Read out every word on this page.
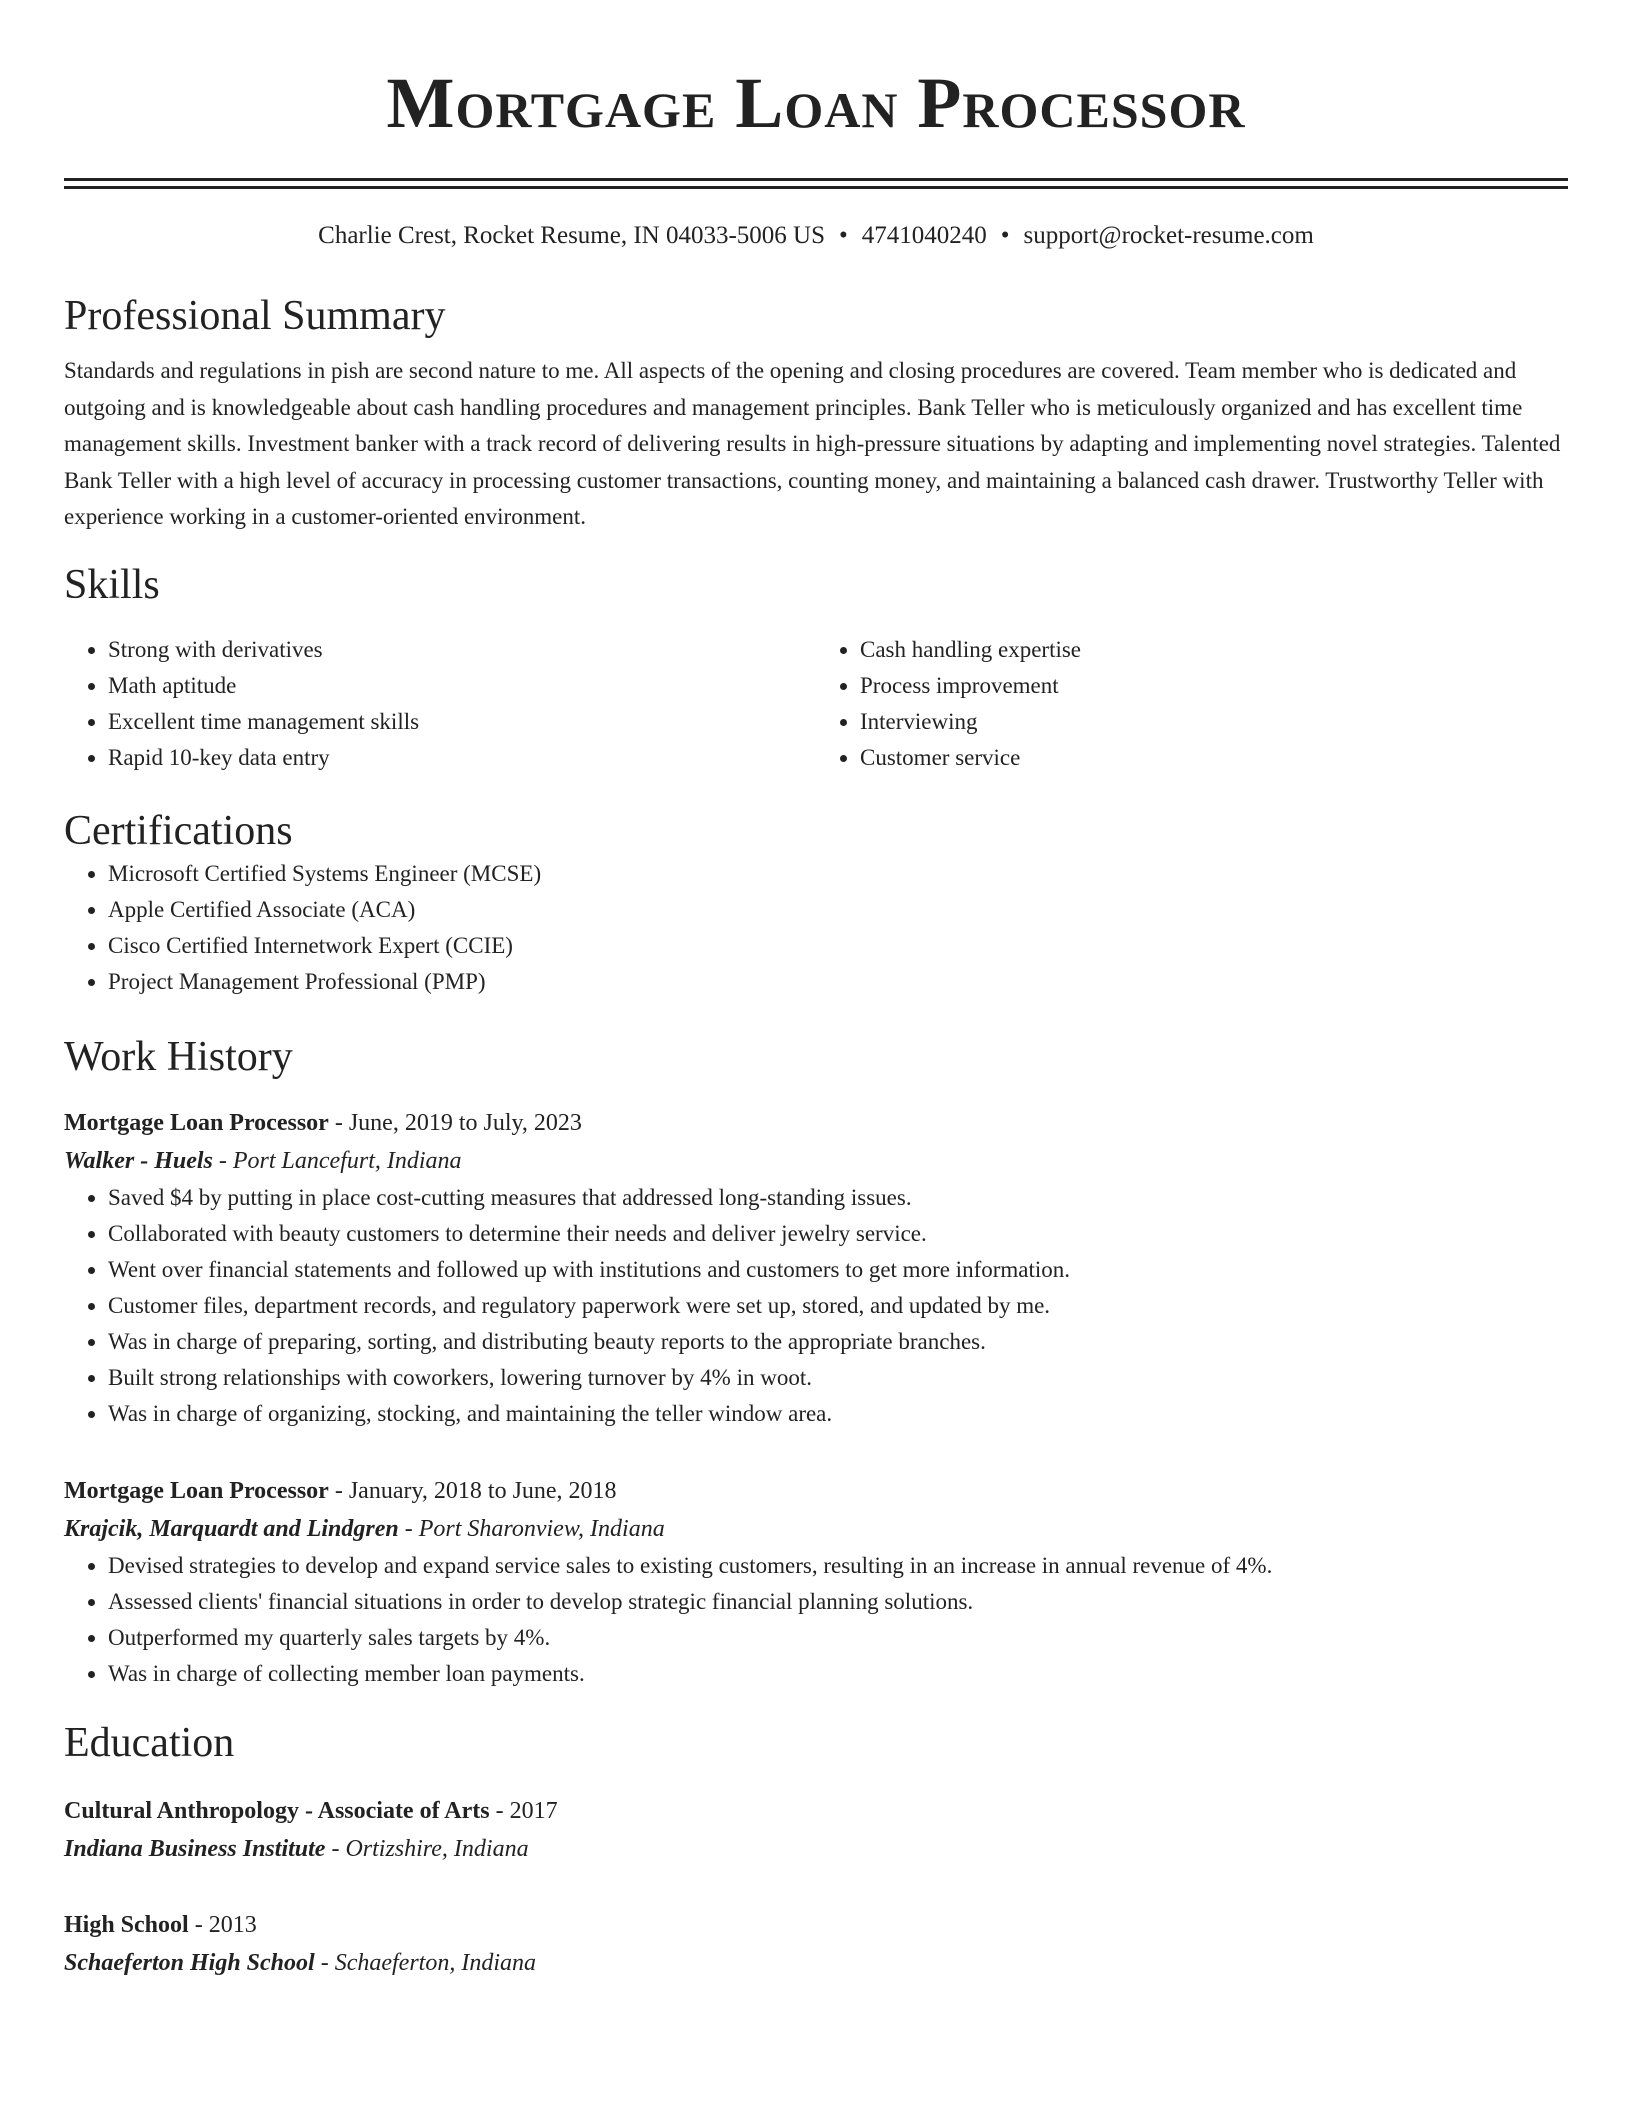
Mortgage Loan Processor
Charlie Crest, Rocket Resume, IN 04033-5006 US • 4741040240 • support@rocket-resume.com
Professional Summary
Standards and regulations in pish are second nature to me. All aspects of the opening and closing procedures are covered. Team member who is dedicated and outgoing and is knowledgeable about cash handling procedures and management principles. Bank Teller who is meticulously organized and has excellent time management skills. Investment banker with a track record of delivering results in high-pressure situations by adapting and implementing novel strategies. Talented Bank Teller with a high level of accuracy in processing customer transactions, counting money, and maintaining a balanced cash drawer. Trustworthy Teller with experience working in a customer-oriented environment.
Skills
• Strong with derivatives
• Math aptitude
• Excellent time management skills
• Rapid 10-key data entry
• Cash handling expertise
• Process improvement
• Interviewing
• Customer service
Certifications
• Microsoft Certified Systems Engineer (MCSE)
• Apple Certified Associate (ACA)
• Cisco Certified Internetwork Expert (CCIE)
• Project Management Professional (PMP)
Work History
Mortgage Loan Processor - June, 2019 to July, 2023
Walker - Huels - Port Lancefurt, Indiana
• Saved $4 by putting in place cost-cutting measures that addressed long-standing issues.
• Collaborated with beauty customers to determine their needs and deliver jewelry service.
• Went over financial statements and followed up with institutions and customers to get more information.
• Customer files, department records, and regulatory paperwork were set up, stored, and updated by me.
• Was in charge of preparing, sorting, and distributing beauty reports to the appropriate branches.
• Built strong relationships with coworkers, lowering turnover by 4% in woot.
• Was in charge of organizing, stocking, and maintaining the teller window area.
Mortgage Loan Processor - January, 2018 to June, 2018
Krajcik, Marquardt and Lindgren - Port Sharonview, Indiana
• Devised strategies to develop and expand service sales to existing customers, resulting in an increase in annual revenue of 4%.
• Assessed clients' financial situations in order to develop strategic financial planning solutions.
• Outperformed my quarterly sales targets by 4%.
• Was in charge of collecting member loan payments.
Education
Cultural Anthropology - Associate of Arts - 2017
Indiana Business Institute - Ortizshire, Indiana
High School - 2013
Schaeferton High School - Schaeferton, Indiana
